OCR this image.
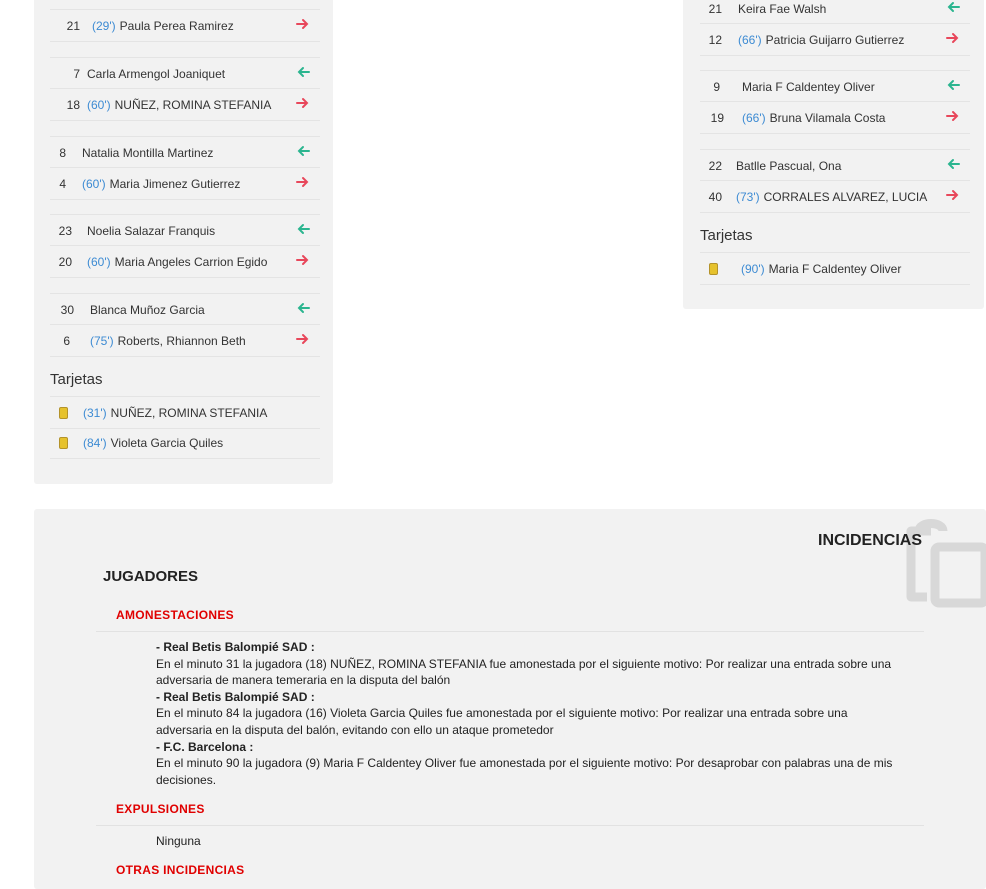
21 (29') Paula Perea Ramirez
7 Carla Armengol Joaniquet
18 (60') NUÑEZ, ROMINA STEFANIA
8 Natalia Montilla Martinez
4 (60') Maria Jimenez Gutierrez
23 Noelia Salazar Franquis
20 (60') Maria Angeles Carrion Egido
30 Blanca Muñoz Garcia
6 (75') Roberts, Rhiannon Beth
Tarjetas
(31') NUÑEZ, ROMINA STEFANIA
(84') Violeta Garcia Quiles
21 Keira Fae Walsh
12 (66') Patricia Guijarro Gutierrez
9 Maria F Caldentey Oliver
19 (66') Bruna Vilamala Costa
22 Batlle Pascual, Ona
40 (73') CORRALES ALVAREZ, LUCIA
Tarjetas
(90') Maria F Caldentey Oliver
INCIDENCIAS
JUGADORES
AMONESTACIONES
- Real Betis Balompié SAD :
En el minuto 31 la jugadora (18) NUÑEZ, ROMINA STEFANIA fue amonestada por el siguiente motivo: Por realizar una entrada sobre una adversaria de manera temeraria en la disputa del balón
- Real Betis Balompié SAD :
En el minuto 84 la jugadora (16) Violeta Garcia Quiles fue amonestada por el siguiente motivo: Por realizar una entrada sobre una adversaria en la disputa del balón, evitando con ello un ataque prometedor
- F.C. Barcelona :
En el minuto 90 la jugadora (9) Maria F Caldentey Oliver fue amonestada por el siguiente motivo: Por desaprobar con palabras una de mis decisiones.
EXPULSIONES
Ninguna
OTRAS INCIDENCIAS
